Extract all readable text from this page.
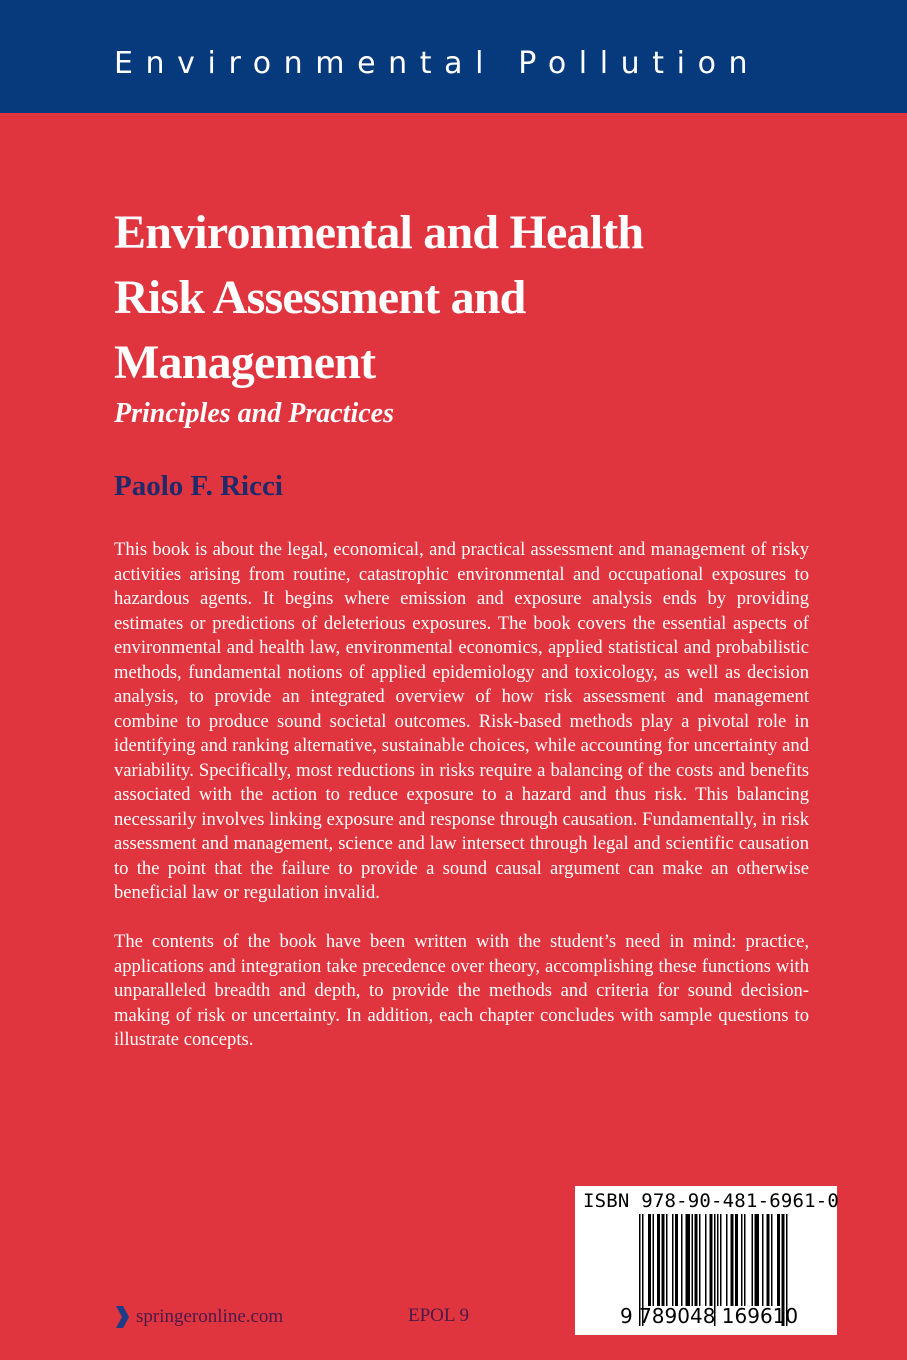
Environmental Pollution
Environmental and Health
Risk Assessment and
Management
Principles and Practices
Paolo F. Ricci

This book is about the legal, economical, and practical assessment and management of risky activities arising from routine, catastrophic environmental and occupational exposures to hazardous agents. It begins where emission and exposure analysis ends by providing estimates or predictions of deleterious exposures. The book covers the essential aspects of environmental and health law, environmental economics, applied statistical and probabilistic methods, fundamental notions of applied epidemiology and toxicology, as well as decision analysis, to provide an integrated overview of how risk assessment and management combine to produce sound societal outcomes. Risk-based methods play a pivotal role in identifying and ranking alternative, sustainable choices, while accounting for uncertainty and variability. Specifically, most reductions in risks require a balancing of the costs and benefits associated with the action to reduce exposure to a hazard and thus risk. This balancing necessarily involves linking exposure and response through causation. Fundamentally, in risk assessment and management, science and law intersect through legal and scientific causation to the point that the failure to provide a sound causal argument can make an otherwise beneficial law or regulation invalid.

The contents of the book have been written with the student’s need in mind: practice, applications and integration take precedence over theory, accomplishing these functions with unparalleled breadth and depth, to provide the methods and criteria for sound decision-making of risk or uncertainty. In addition, each chapter concludes with sample questions to illustrate concepts.

springeronline.com	EPOL 9
ISBN 978-90-481-6961-0
9 789048 169610
